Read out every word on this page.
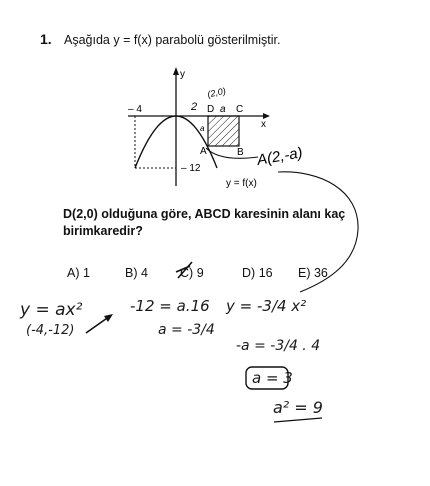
1. Aşağıda y = f(x) parabolü gösterilmiştir.
y
x
– 4
– 12
D C
A	B
y = f(x)
(2,0)
a
2
a
A(2,-a)
D(2,0) olduğuna göre, ABCD karesinin alanı kaç
birimkaredir?
A) 1	B) 4	C) 9	D) 16 E) 36
y = ax²
(-4,-12)
-12 = a.16
a = -3/4
y = -3/4 x²
-a = -3/4 . 4
a = 3
a² = 9
